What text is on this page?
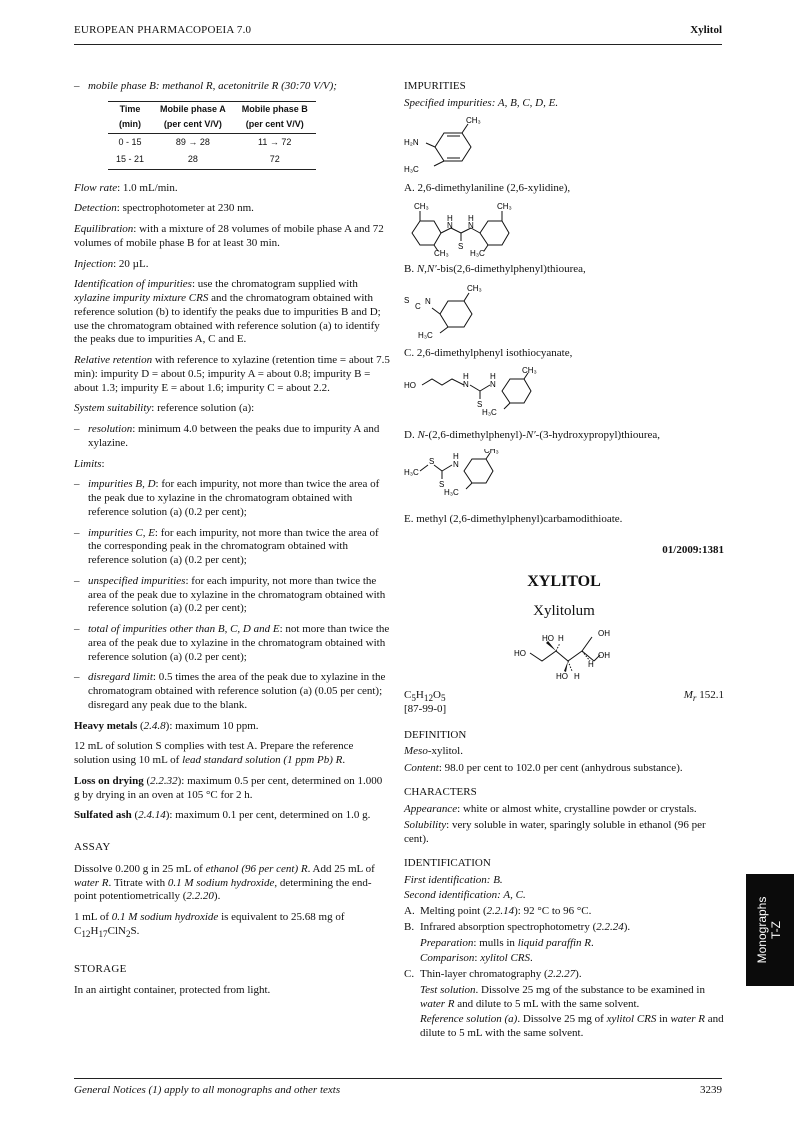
EUROPEAN PHARMACOPOEIA 7.0	Xylitol
– mobile phase B: methanol R, acetonitrile R (30:70 V/V);
Time	Mobile phase A	Mobile phase B
(min)	(per cent V/V)	(per cent V/V)
0 - 15	89 → 28	11 → 72
15 - 21	28	72

Flow rate: 1.0 mL/min.

Detection: spectrophotometer at 230 nm.

Equilibration: with a mixture of 28 volumes of mobile phase A and 72 volumes of mobile phase B for at least 30 min.

Injection: 20 µL.

Identification of impurities: use the chromatogram supplied with xylazine impurity mixture CRS and the chromatogram obtained with reference solution (b) to identify the peaks due to impurities B and D; use the chromatogram obtained with reference solution (a) to identify the peaks due to impurities A, C and E.

Relative retention with reference to xylazine (retention time = about 7.5 min): impurity D = about 0.5; impurity A = about 0.8; impurity B = about 1.3; impurity E = about 1.6; impurity C = about 2.2.

System suitability: reference solution (a):

– resolution: minimum 4.0 between the peaks due to impurity A and xylazine.

Limits:

– impurities B, D: for each impurity, not more than twice the area of the peak due to xylazine in the chromatogram obtained with reference solution (a) (0.2 per cent);
– impurities C, E: for each impurity, not more than twice the area of the corresponding peak in the chromatogram obtained with reference solution (a) (0.2 per cent);
– unspecified impurities: for each impurity, not more than twice the area of the peak due to xylazine in the chromatogram obtained with reference solution (a) (0.2 per cent);
– total of impurities other than B, C, D and E: not more than twice the area of the peak due to xylazine in the chromatogram obtained with reference solution (a) (0.2 per cent);
– disregard limit: 0.5 times the area of the peak due to xylazine in the chromatogram obtained with reference solution (a) (0.05 per cent); disregard any peak due to the blank.

Heavy metals (2.4.8): maximum 10 ppm.

12 mL of solution S complies with test A. Prepare the reference solution using 10 mL of lead standard solution (1 ppm Pb) R.

Loss on drying (2.2.32): maximum 0.5 per cent, determined on 1.000 g by drying in an oven at 105 °C for 2 h.

Sulfated ash (2.4.14): maximum 0.1 per cent, determined on 1.0 g.

ASSAY

Dissolve 0.200 g in 25 mL of ethanol (96 per cent) R. Add 25 mL of water R. Titrate with 0.1 M sodium hydroxide, determining the end-point potentiometrically (2.2.20).

1 mL of 0.1 M sodium hydroxide is equivalent to 25.68 mg of $C_{12}H_{17}ClN_2S$.

STORAGE

In an airtight container, protected from light.

IMPURITIES
Specified impurities: A, B, C, D, E.
CH₃
H₂N
H₃C

A. 2,6-dimethylaniline (2,6-xylidine),

CH₃	CH₃
H
N
H
N
S
CH₃	H₃C

B. N,N′-bis(2,6-dimethylphenyl)thiourea,

CH₃
S
C
N
H₃C

C. 2,6-dimethylphenyl isothiocyanate,

HO
H
N
H
N
S
CH₃
H₃C

D. N-(2,6-dimethylphenyl)-N′-(3-hydroxypropyl)thiourea,

H₃C
S
H
N
S
CH₃
H₃C

E. methyl (2,6-dimethylphenyl)carbamodithioate.

01/2009:1381
XYLITOL
Xylitolum
OH
HO H
HO	OH
H
HO H
$C_5H_{12}O_5$	$M_r$ 152.1
[87-99-0]
DEFINITION

Meso-xylitol.

Content: 98.0 per cent to 102.0 per cent (anhydrous substance).

CHARACTERS

Appearance: white or almost white, crystalline powder or crystals.

Solubility: very soluble in water, sparingly soluble in ethanol (96 per cent).

IDENTIFICATION
First identification: B.
Second identification: A, C.
A. Melting point (2.2.14): 92 °C to 96 °C.
B. Infrared absorption spectrophotometry (2.2.24).
Preparation: mulls in liquid paraffin R.
Comparison: xylitol CRS.
C. Thin-layer chromatography (2.2.27).
Test solution. Dissolve 25 mg of the substance to be examined in water R and dilute to 5 mL with the same solvent.
Reference solution (a). Dissolve 25 mg of xylitol CRS in water R and dilute to 5 mL with the same solvent.
Monographs
T-Z
General Notices (1) apply to all monographs and other texts	3239
